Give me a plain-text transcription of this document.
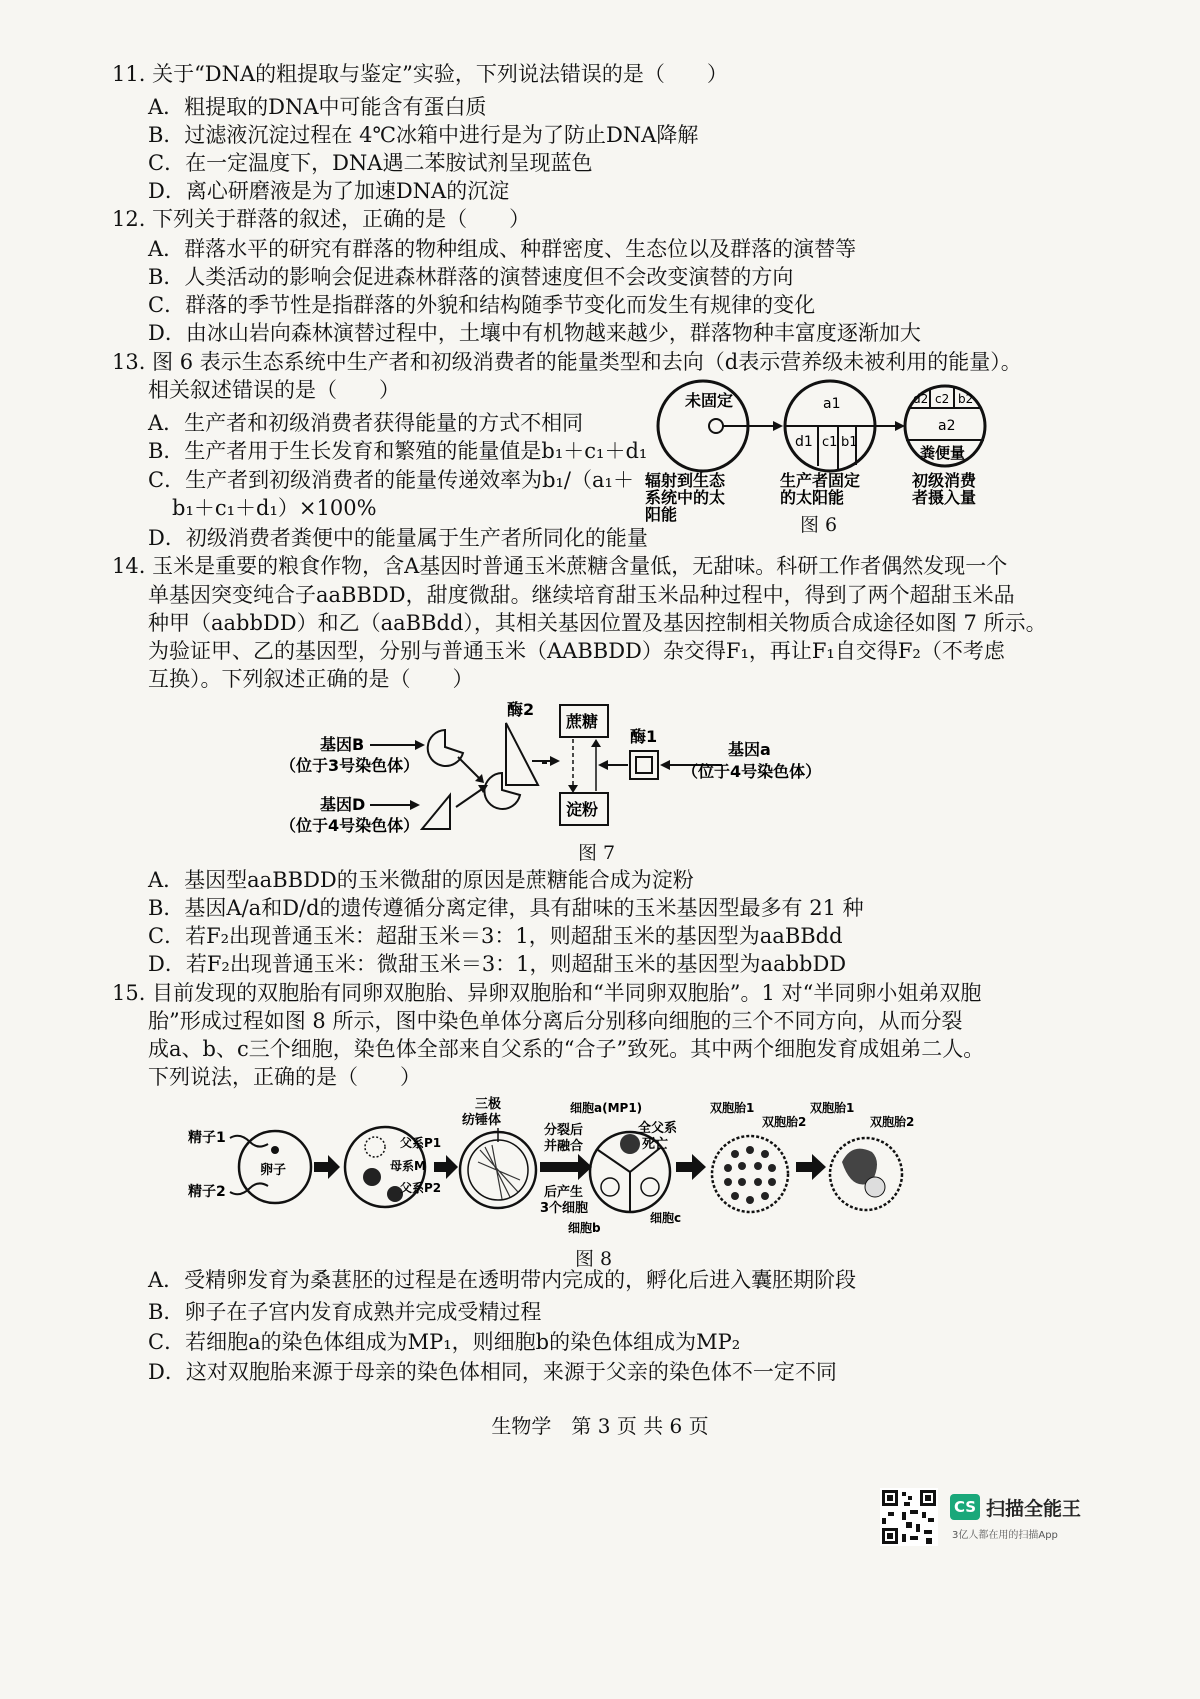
11. 关于“DNA的粗提取与鉴定”实验，下列说法错误的是（　　）
A．粗提取的DNA中可能含有蛋白质
B．过滤液沉淀过程在 4℃冰箱中进行是为了防止DNA降解
C．在一定温度下，DNA遇二苯胺试剂呈现蓝色
D．离心研磨液是为了加速DNA的沉淀
12. 下列关于群落的叙述，正确的是（　　）
A．群落水平的研究有群落的物种组成、种群密度、生态位以及群落的演替等
B．人类活动的影响会促进森林群落的演替速度但不会改变演替的方向
C．群落的季节性是指群落的外貌和结构随季节变化而发生有规律的变化
D．由冰山岩向森林演替过程中，土壤中有机物越来越少，群落物种丰富度逐渐加大
13. 图 6 表示生态系统中生产者和初级消费者的能量类型和去向（d表示营养级未被利用的能量）。
相关叙述错误的是（　　）
A．生产者和初级消费者获得能量的方式不相同
B．生产者用于生长发育和繁殖的能量值是b₁＋c₁＋d₁
C．生产者到初级消费者的能量传递效率为b₁/（a₁＋
b₁＋c₁＋d₁）×100%
D．初级消费者粪便中的能量属于生产者所同化的能量
未固定	a1
d1 c1 b1
d2 c2 b2
a2
粪便量
辐射到生态
系统中的太
阳能
生产者固定
的太阳能
初级消费
者摄入量
图 6
14. 玉米是重要的粮食作物，含A基因时普通玉米蔗糖含量低，无甜味。科研工作者偶然发现一个
单基因突变纯合子aaBBDD，甜度微甜。继续培育甜玉米品种过程中，得到了两个超甜玉米品
种甲（aabbDD）和乙（aaBBdd），其相关基因位置及基因控制相关物质合成途径如图 7 所示。
为验证甲、乙的基因型，分别与普通玉米（AABBDD）杂交得F₁，再让F₁自交得F₂（不考虑
互换）。下列叙述正确的是（　　）
基因B
（位于3号染色体）
酶2
蔗糖
淀粉
酶1
基因a
（位于4号染色体）
基因D
（位于4号染色体）
图 7
A．基因型aaBBDD的玉米微甜的原因是蔗糖能合成为淀粉
B．基因A/a和D/d的遗传遵循分离定律，具有甜味的玉米基因型最多有 21 种
C．若F₂出现普通玉米：超甜玉米＝3：1，则超甜玉米的基因型为aaBBdd
D．若F₂出现普通玉米：微甜玉米＝3：1，则超甜玉米的基因型为aabbDD
15. 目前发现的双胞胎有同卵双胞胎、异卵双胞胎和“半同卵双胞胎”。1 对“半同卵小姐弟双胞
胎”形成过程如图 8 所示，图中染色单体分离后分别移向细胞的三个不同方向，从而分裂
成a、b、c三个细胞，染色体全部来自父系的“合子”致死。其中两个细胞发育成姐弟二人。
下列说法，正确的是（　　）
精子1
精子2
卵子
父系P1
母系M
父系P2
三极
纺锤体
分裂后
并融合
后产生
3个细胞
细胞a(MP1)
细胞b
细胞c
全父系
死亡
双胞胎1
双胞胎2
双胞胎1
双胞胎2
图 8
A．受精卵发育为桑葚胚的过程是在透明带内完成的，孵化后进入囊胚期阶段
B．卵子在子宫内发育成熟并完成受精过程
C．若细胞a的染色体组成为MP₁，则细胞b的染色体组成为MP₂
D．这对双胞胎来源于母亲的染色体相同，来源于父亲的染色体不一定不同
生物学　第 3 页 共 6 页
CS 扫描全能王
3亿人都在用的扫描App
